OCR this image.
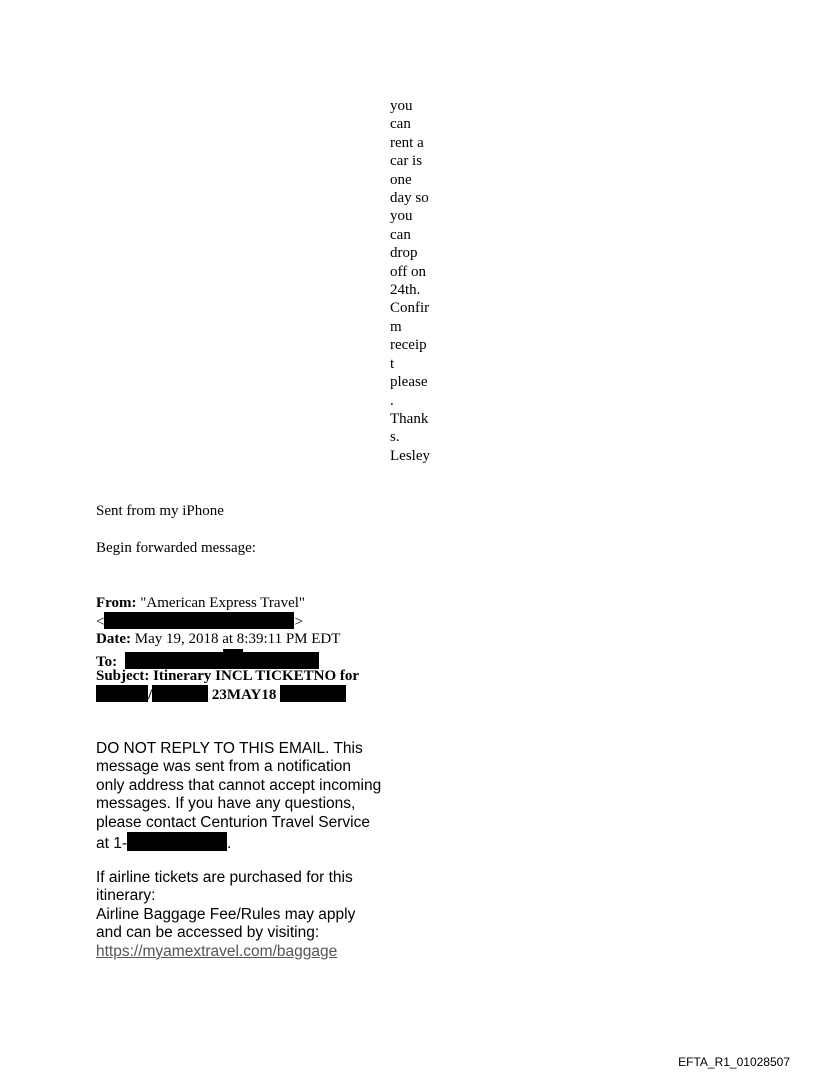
you
can
rent a
car is
one
day so
you
can
drop
off on
24th.
Confir
m
receip
t
please
.
Thank
s.
Lesley
Sent from my iPhone
Begin forwarded message:
From: "American Express Travel"
<	>
Date: May 19, 2018 at 8:39:11 PM EDT
To:
Subject: Itinerary INCL TICKETNO for
/	23MAY18
DO NOT REPLY TO THIS EMAIL. This
message was sent from a notification
only address that cannot accept incoming
messages. If you have any questions,
please contact Centurion Travel Service
at 1-	.
If airline tickets are purchased for this
itinerary:
Airline Baggage Fee/Rules may apply
and can be accessed by visiting:
https://myamextravel.com/baggage
EFTA_R1_01028507
